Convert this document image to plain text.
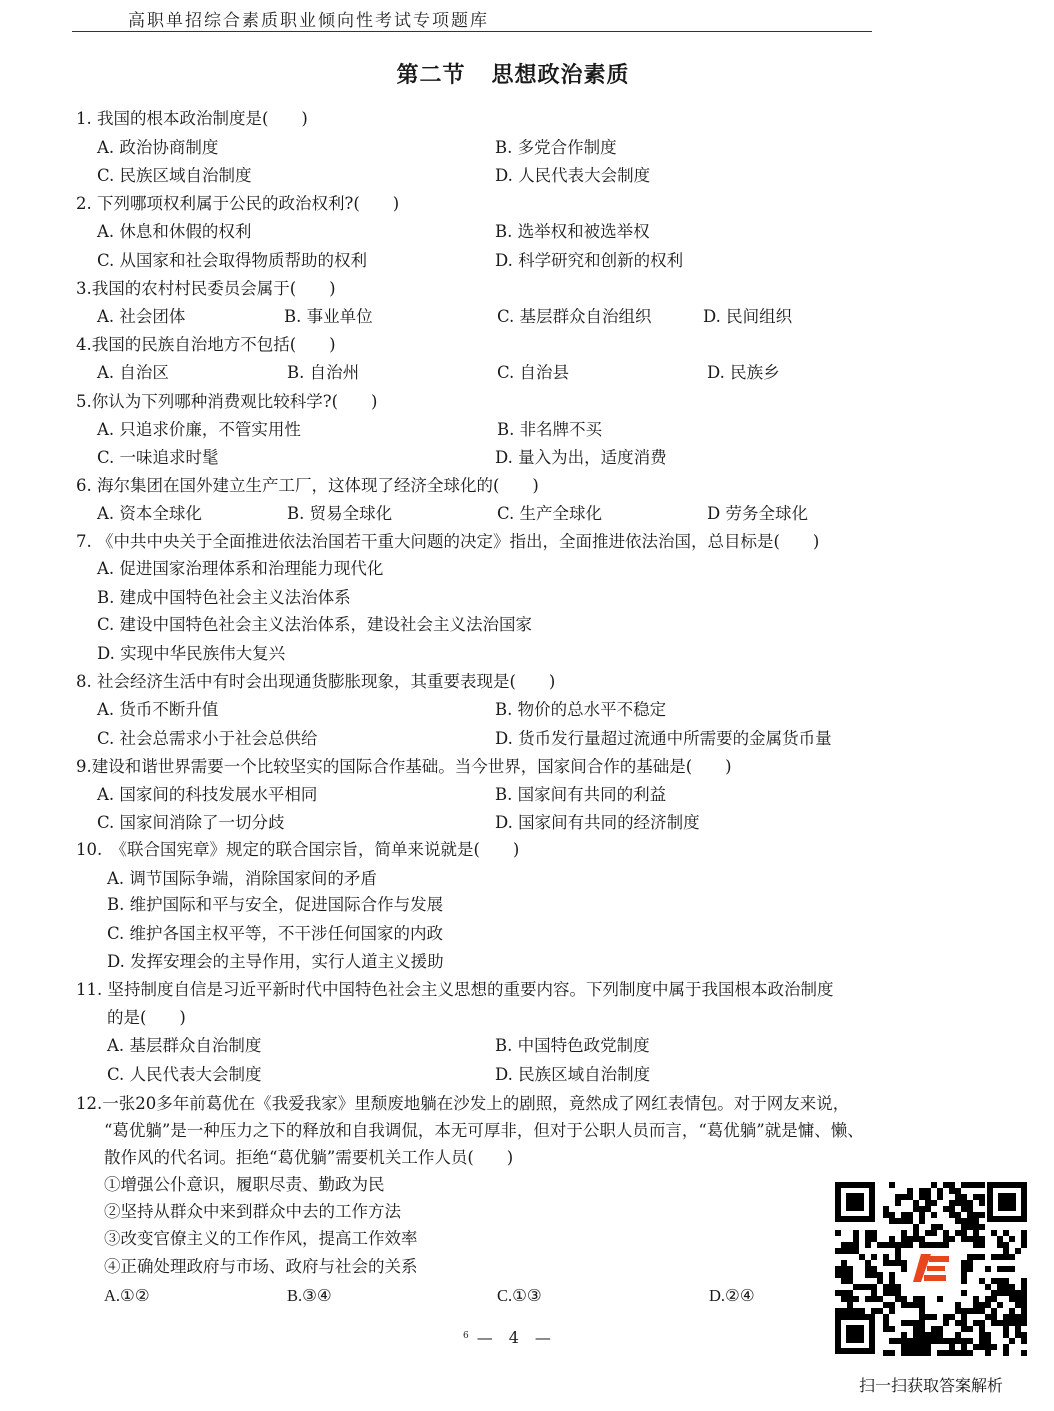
高职单招综合素质职业倾向性考试专项题库
第二节 思想政治素质
1. 我国的根本政治制度是(　　)
A. 政治协商制度	B. 多党合作制度
C. 民族区域自治制度	D. 人民代表大会制度
2. 下列哪项权利属于公民的政治权利?(　　)
A. 休息和休假的权利	B. 选举权和被选举权
C. 从国家和社会取得物质帮助的权利	D. 科学研究和创新的权利
3.我国的农村村民委员会属于(　　)
A. 社会团体	B. 事业单位	C. 基层群众自治组织	D. 民间组织
4.我国的民族自治地方不包括(　　)
A. 自治区	B. 自治州	C. 自治县	D. 民族乡
5.你认为下列哪种消费观比较科学?(　　)
A. 只追求价廉，不管实用性	B. 非名牌不买
C. 一味追求时髦	D. 量入为出，适度消费
6. 海尔集团在国外建立生产工厂，这体现了经济全球化的(　　)
A. 资本全球化	B. 贸易全球化	C. 生产全球化	D 劳务全球化
7. 《中共中央关于全面推进依法治国若干重大问题的决定》指出，全面推进依法治国，总目标是(　　)
A. 促进国家治理体系和治理能力现代化
B. 建成中国特色社会主义法治体系
C. 建设中国特色社会主义法治体系，建设社会主义法治国家
D. 实现中华民族伟大复兴
8. 社会经济生活中有时会出现通货膨胀现象，其重要表现是(　　)
A. 货币不断升值	B. 物价的总水平不稳定
C. 社会总需求小于社会总供给	D. 货币发行量超过流通中所需要的金属货币量
9.建设和谐世界需要一个比较坚实的国际合作基础。当今世界，国家间合作的基础是(　　)
A. 国家间的科技发展水平相同	B. 国家间有共同的利益
C. 国家间消除了一切分歧	D. 国家间有共同的经济制度
10.　《联合国宪章》规定的联合国宗旨，简单来说就是(　　)
A. 调节国际争端，消除国家间的矛盾
B. 维护国际和平与安全，促进国际合作与发展
C. 维护各国主权平等，不干涉任何国家的内政
D. 发挥安理会的主导作用，实行人道主义援助
11. 坚持制度自信是习近平新时代中国特色社会主义思想的重要内容。下列制度中属于我国根本政治制度
的是(　　)
A. 基层群众自治制度	B. 中国特色政党制度
C. 人民代表大会制度	D. 民族区域自治制度
12.一张20多年前葛优在《我爱我家》里颓废地躺在沙发上的剧照，竟然成了网红表情包。对于网友来说，
“葛优躺”是一种压力之下的释放和自我调侃，本无可厚非，但对于公职人员而言，“葛优躺”就是慵、懒、
散作风的代名词。拒绝“葛优躺”需要机关工作人员(　　)
①增强公仆意识，履职尽责、勤政为民
②坚持从群众中来到群众中去的工作方法
③改变官僚主义的工作作风，提高工作效率
④正确处理政府与市场、政府与社会的关系
A.①②	B.③④	C.①③	D.②④
扫一扫获取答案解析
$^6$ —　4　—
